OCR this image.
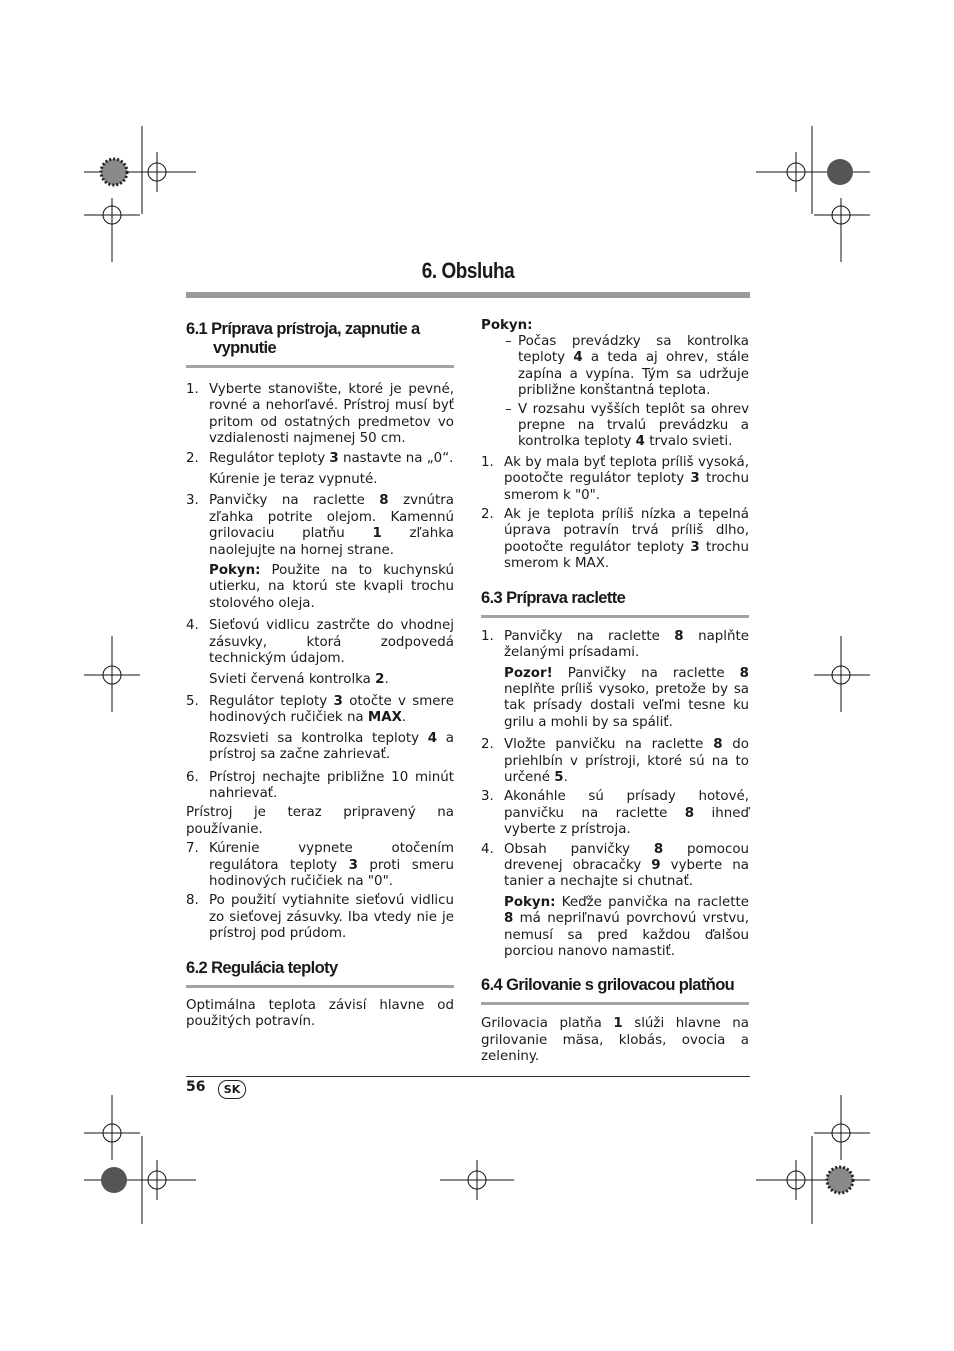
6. Obsluha
6.1 Príprava prístroja, zapnutie a vypnutie
1. Vyberte stanovište, ktoré je pevné, rovné a nehorľavé. Prístroj musí byť pritom od ostatných predmetov vo vzdialenosti najmenej 50 cm.
2. Regulátor teploty 3 nastavte na „0“.

Kúrenie je teraz vypnuté.

3. Panvičky na raclette 8 zvnútra zľahka potrite olejom. Kamennú grilovaciu platňu 1 zľahka naolejujte na hornej strane.

Pokyn: Použite na to kuchynskú utierku, na ktorú ste kvapli trochu stolového oleja.

4. Sieťovú vidlicu zastrčte do vhodnej zásuvky, ktorá zodpovedá technickým údajom.

Svieti červená kontrolka 2.

5. Regulátor teploty 3 otočte v smere hodinových ručičiek na MAX.

Rozsvieti sa kontrolka teploty 4 a prístroj sa začne zahrievať.

6. Prístroj nechajte približne 10 minút nahrievať.

Prístroj je teraz pripravený na používanie.

7. Kúrenie vypnete otočením regulátora teploty 3 proti smeru hodinových ručičiek na "0".
8. Po použití vytiahnite sieťovú vidlicu zo sieťovej zásuvky. Iba vtedy nie je prístroj pod prúdom.
6.2 Regulácia teploty

Optimálna teplota závisí hlavne od použitých potravín.

Pokyn:
– Počas prevádzky sa kontrolka teploty 4 a teda aj ohrev, stále zapína a vypína. Tým sa udržuje približne konštantná teplota.
– V rozsahu vyšších teplôt sa ohrev prepne na trvalú prevádzku a kontrolka teploty 4 trvalo svieti.
1. Ak by mala byť teplota príliš vysoká, pootočte regulátor teploty 3 trochu smerom k "0".
2. Ak je teplota príliš nízka a tepelná úprava potravín trvá príliš dlho, pootočte regulátor teploty 3 trochu smerom k MAX.
6.3 Príprava raclette
1. Panvičky na raclette 8 naplňte želanými prísadami.

Pozor! Panvičky na raclette 8 neplňte príliš vysoko, pretože by sa tak prísady dostali veľmi tesne ku grilu a mohli by sa spáliť.

2. Vložte panvičku na raclette 8 do priehlbín v prístroji, ktoré sú na to určené 5.
3. Akonáhle sú prísady hotové, panvičku na raclette 8 ihneď vyberte z prístroja.
4. Obsah panvičky 8 pomocou drevenej obracačky 9 vyberte na tanier a nechajte si chutnať.

Pokyn: Keďže panvička na raclette 8 má nepriľnavú povrchovú vrstvu, nemusí sa pred každou ďalšou porciou nanovo namastiť.

6.4 Grilovanie s grilovacou platňou

Grilovacia platňa 1 slúži hlavne na grilovanie mäsa, klobás, ovocia a zeleniny.

56	SK
